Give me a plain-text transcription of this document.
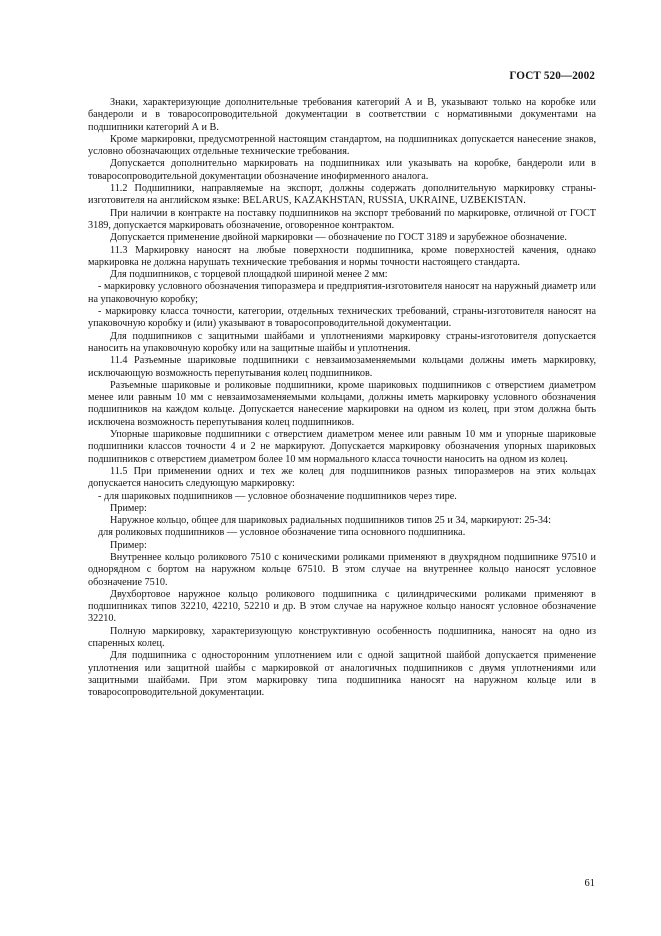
ГОСТ 520—2002

Знаки, характеризующие дополнительные требования категорий А и В, указывают только на коробке или бандероли и в товаросопроводительной документации в соответствии с нормативными документами на подшипники категорий А и В.

Кроме маркировки, предусмотренной настоящим стандартом, на подшипниках допускается нанесение знаков, условно обозначающих отдельные технические требования.

Допускается дополнительно маркировать на подшипниках или указывать на коробке, бандероли или в товаросопроводительной документации обозначение инофирменного аналога.

11.2 Подшипники, направляемые на экспорт, должны содержать дополнительную маркировку страны-изготовителя на английском языке: BELARUS, KAZAKHSTAN, RUSSIA, UKRAINE, UZBEKISTAN.

При наличии в контракте на поставку подшипников на экспорт требований по маркировке, отличной от ГОСТ 3189, допускается маркировать обозначение, оговоренное контрактом.

Допускается применение двойной маркировки — обозначение по ГОСТ 3189 и зарубежное обозначение.

11.3 Маркировку наносят на любые поверхности подшипника, кроме поверхностей качения, однако маркировка не должна нарушать технические требования и нормы точности настоящего стандарта.

Для подшипников, с торцевой площадкой шириной менее 2 мм:

- маркировку условного обозначения типоразмера и предприятия-изготовителя наносят на наружный диаметр или на упаковочную коробку;

- маркировку класса точности, категории, отдельных технических требований, страны-изготовителя наносят на упаковочную коробку и (или) указывают в товаросопроводительной документации.

Для подшипников с защитными шайбами и уплотнениями маркировку страны-изготовителя допускается наносить на упаковочную коробку или на защитные шайбы и уплотнения.

11.4 Разъемные шариковые подшипники с невзаимозаменяемыми кольцами должны иметь маркировку, исключающую возможность перепутывания колец подшипников.

Разъемные шариковые и роликовые подшипники, кроме шариковых подшипников с отверстием диаметром менее или равным 10 мм с невзаимозаменяемыми кольцами, должны иметь маркировку условного обозначения подшипников на каждом кольце. Допускается нанесение маркировки на одном из колец, при этом должна быть исключена возможность перепутывания колец подшипников.

Упорные шариковые подшипники с отверстием диаметром менее или равным 10 мм и упорные шариковые подшипники классов точности 4 и 2 не маркируют. Допускается маркировку обозначения упорных шариковых подшипников с отверстием диаметром более 10 мм нормального класса точности наносить на одном из колец.

11.5 При применении одних и тех же колец для подшипников разных типоразмеров на этих кольцах допускается наносить следующую маркировку:

- для шариковых подшипников — условное обозначение подшипников через тире.

Пример:

Наружное кольцо, общее для шариковых радиальных подшипников типов 25 и 34, маркируют: 25-34:

для роликовых подшипников — условное обозначение типа основного подшипника.

Пример:

Внутреннее кольцо роликового 7510 с коническими роликами применяют в двухрядном подшипнике 97510 и однорядном с бортом на наружном кольце 67510. В этом случае на внутреннее кольцо наносят условное обозначение 7510.

Двухбортовое наружное кольцо роликового подшипника с цилиндрическими роликами применяют в подшипниках типов 32210, 42210, 52210 и др. В этом случае на наружное кольцо наносят условное обозначение 32210.

Полную маркировку, характеризующую конструктивную особенность подшипника, наносят на одно из спаренных колец.

Для подшипника с односторонним уплотнением или с одной защитной шайбой допускается применение уплотнения или защитной шайбы с маркировкой от аналогичных подшипников с двумя уплотнениями или защитными шайбами. При этом маркировку типа подшипника наносят на наружном кольце или в товаросопроводительной документации.

61
